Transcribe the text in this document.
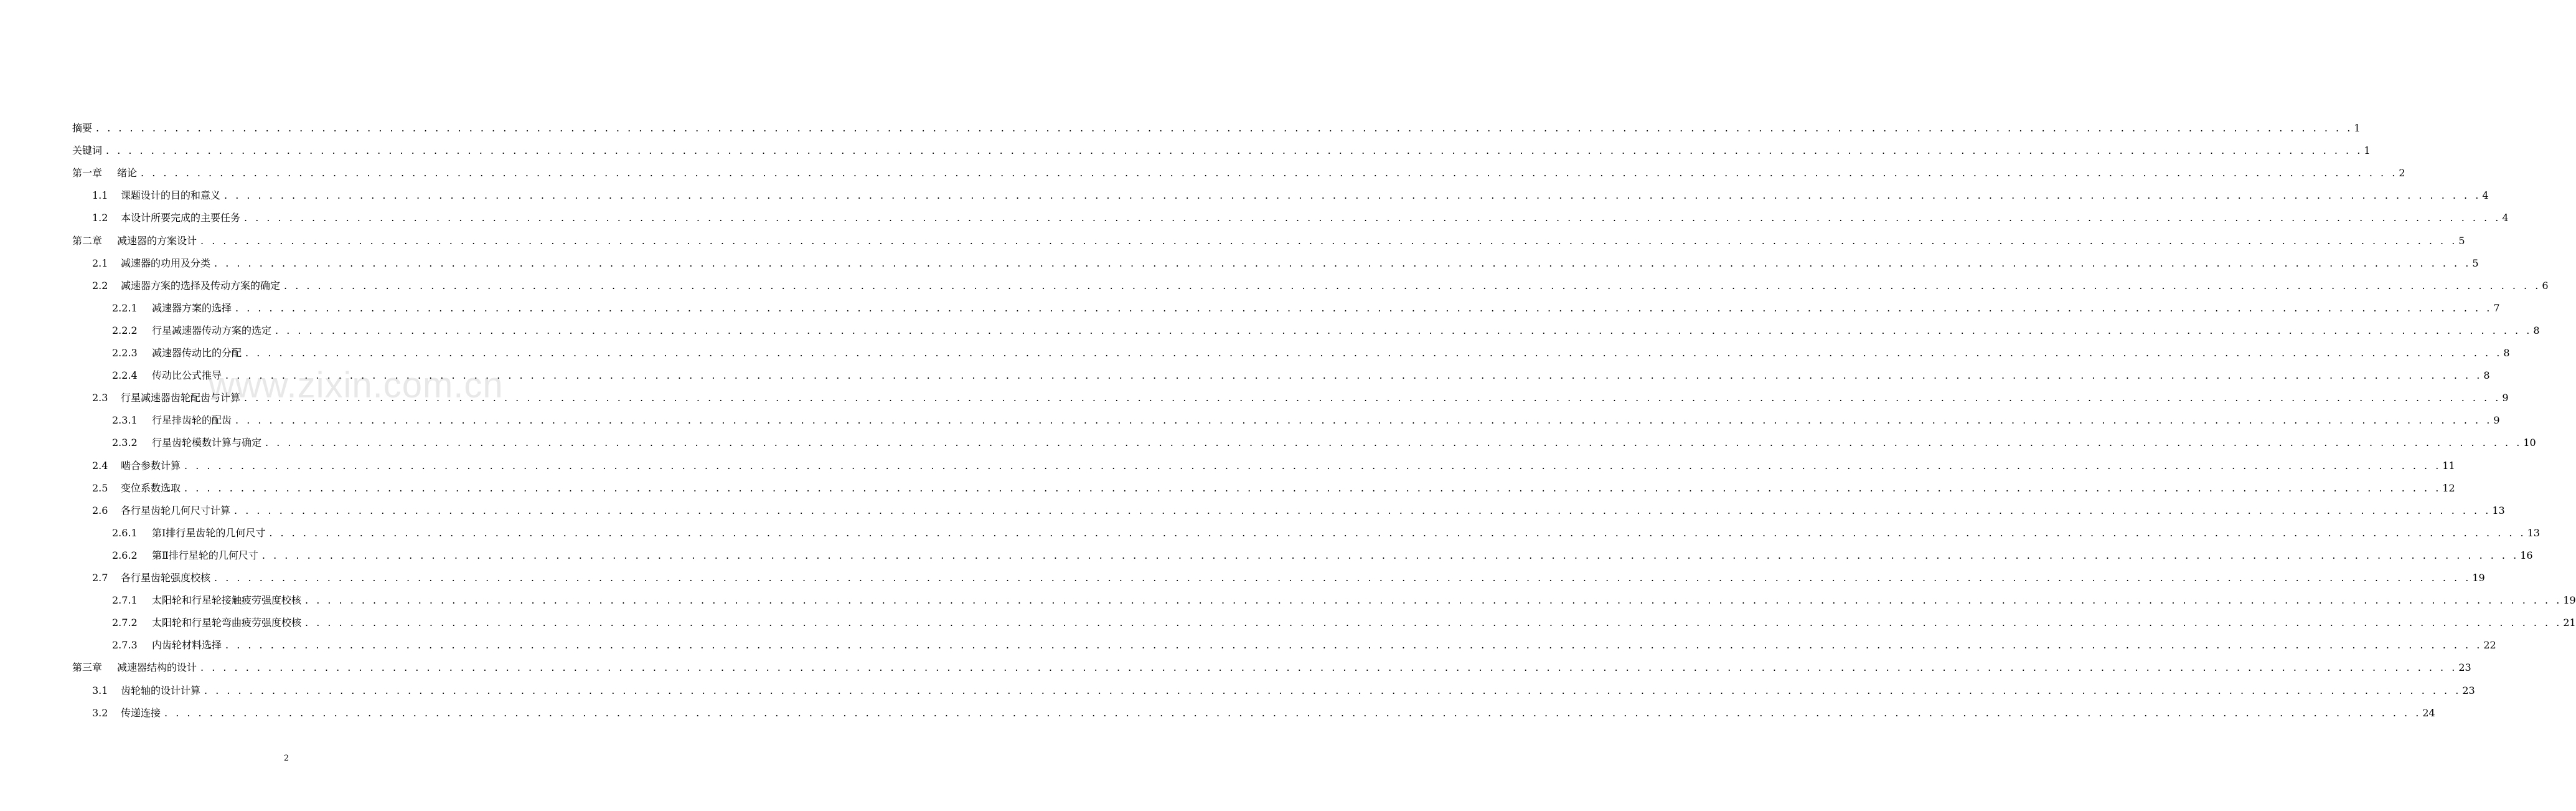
www.zixin.com.cn
摘要 . . . . . . . . . . . . . . . . . . . . . . . . . . . . . . . . . . . . . . . . . . . . . . . . . . . . . . . . . . . . . . . . . . . . . . . . . . . . . . . . . . . . . . . . . . . . . . . . . . . . . . . . . . . . . . . . . . . . . . . . . . . . . . . . . . . . . . . . . . . . . . . . . . . . . . . . . . . . . . . . . . . . . . . . . . . . . . . . . . . . . . . . . . . . . . . . . . . . . . . . 1
关键词 . . . . . . . . . . . . . . . . . . . . . . . . . . . . . . . . . . . . . . . . . . . . . . . . . . . . . . . . . . . . . . . . . . . . . . . . . . . . . . . . . . . . . . . . . . . . . . . . . . . . . . . . . . . . . . . . . . . . . . . . . . . . . . . . . . . . . . . . . . . . . . . . . . . . . . . . . . . . . . . . . . . . . . . . . . . . . . . . . . . . . . . . . . . . . . . . . . . . . . . . 1
第一章	绪论 . . . . . . . . . . . . . . . . . . . . . . . . . . . . . . . . . . . . . . . . . . . . . . . . . . . . . . . . . . . . . . . . . . . . . . . . . . . . . . . . . . . . . . . . . . . . . . . . . . . . . . . . . . . . . . . . . . . . . . . . . . . . . . . . . . . . . . . . . . . . . . . . . . . . . . . . . . . . . . . . . . . . . . . . . . . . . . . . . . . . . . . . . . . . . . . . . . . . . . . . 2
1.1	课题设计的目的和意义 . . . . . . . . . . . . . . . . . . . . . . . . . . . . . . . . . . . . . . . . . . . . . . . . . . . . . . . . . . . . . . . . . . . . . . . . . . . . . . . . . . . . . . . . . . . . . . . . . . . . . . . . . . . . . . . . . . . . . . . . . . . . . . . . . . . . . . . . . . . . . . . . . . . . . . . . . . . . . . . . . . . . . . . . . . . . . . . . . . . . . . . . . . . . . . . . . . . . . . . . 4
1.2	本设计所要完成的主要任务 . . . . . . . . . . . . . . . . . . . . . . . . . . . . . . . . . . . . . . . . . . . . . . . . . . . . . . . . . . . . . . . . . . . . . . . . . . . . . . . . . . . . . . . . . . . . . . . . . . . . . . . . . . . . . . . . . . . . . . . . . . . . . . . . . . . . . . . . . . . . . . . . . . . . . . . . . . . . . . . . . . . . . . . . . . . . . . . . . . . . . . . . . . . . . . . . . . . . . . . . 4
第二章	减速器的方案设计 . . . . . . . . . . . . . . . . . . . . . . . . . . . . . . . . . . . . . . . . . . . . . . . . . . . . . . . . . . . . . . . . . . . . . . . . . . . . . . . . . . . . . . . . . . . . . . . . . . . . . . . . . . . . . . . . . . . . . . . . . . . . . . . . . . . . . . . . . . . . . . . . . . . . . . . . . . . . . . . . . . . . . . . . . . . . . . . . . . . . . . . . . . . . . . . . . . . . . . . . 5
2.1	减速器的功用及分类 . . . . . . . . . . . . . . . . . . . . . . . . . . . . . . . . . . . . . . . . . . . . . . . . . . . . . . . . . . . . . . . . . . . . . . . . . . . . . . . . . . . . . . . . . . . . . . . . . . . . . . . . . . . . . . . . . . . . . . . . . . . . . . . . . . . . . . . . . . . . . . . . . . . . . . . . . . . . . . . . . . . . . . . . . . . . . . . . . . . . . . . . . . . . . . . . . . . . . . . . 5
2.2	减速器方案的选择及传动方案的确定 . . . . . . . . . . . . . . . . . . . . . . . . . . . . . . . . . . . . . . . . . . . . . . . . . . . . . . . . . . . . . . . . . . . . . . . . . . . . . . . . . . . . . . . . . . . . . . . . . . . . . . . . . . . . . . . . . . . . . . . . . . . . . . . . . . . . . . . . . . . . . . . . . . . . . . . . . . . . . . . . . . . . . . . . . . . . . . . . . . . . . . . . . . . . . . . . . . . . . . . . 6
2.2.1	减速器方案的选择 . . . . . . . . . . . . . . . . . . . . . . . . . . . . . . . . . . . . . . . . . . . . . . . . . . . . . . . . . . . . . . . . . . . . . . . . . . . . . . . . . . . . . . . . . . . . . . . . . . . . . . . . . . . . . . . . . . . . . . . . . . . . . . . . . . . . . . . . . . . . . . . . . . . . . . . . . . . . . . . . . . . . . . . . . . . . . . . . . . . . . . . . . . . . . . . . . . . . . . . . 7
2.2.2	行星减速器传动方案的选定 . . . . . . . . . . . . . . . . . . . . . . . . . . . . . . . . . . . . . . . . . . . . . . . . . . . . . . . . . . . . . . . . . . . . . . . . . . . . . . . . . . . . . . . . . . . . . . . . . . . . . . . . . . . . . . . . . . . . . . . . . . . . . . . . . . . . . . . . . . . . . . . . . . . . . . . . . . . . . . . . . . . . . . . . . . . . . . . . . . . . . . . . . . . . . . . . . . . . . . . . 8
2.2.3	减速器传动比的分配 . . . . . . . . . . . . . . . . . . . . . . . . . . . . . . . . . . . . . . . . . . . . . . . . . . . . . . . . . . . . . . . . . . . . . . . . . . . . . . . . . . . . . . . . . . . . . . . . . . . . . . . . . . . . . . . . . . . . . . . . . . . . . . . . . . . . . . . . . . . . . . . . . . . . . . . . . . . . . . . . . . . . . . . . . . . . . . . . . . . . . . . . . . . . . . . . . . . . . . . . 8
2.2.4	传动比公式推导 . . . . . . . . . . . . . . . . . . . . . . . . . . . . . . . . . . . . . . . . . . . . . . . . . . . . . . . . . . . . . . . . . . . . . . . . . . . . . . . . . . . . . . . . . . . . . . . . . . . . . . . . . . . . . . . . . . . . . . . . . . . . . . . . . . . . . . . . . . . . . . . . . . . . . . . . . . . . . . . . . . . . . . . . . . . . . . . . . . . . . . . . . . . . . . . . . . . . . . . . 8
2.3	行星减速器齿轮配齿与计算 . . . . . . . . . . . . . . . . . . . . . . . . . . . . . . . . . . . . . . . . . . . . . . . . . . . . . . . . . . . . . . . . . . . . . . . . . . . . . . . . . . . . . . . . . . . . . . . . . . . . . . . . . . . . . . . . . . . . . . . . . . . . . . . . . . . . . . . . . . . . . . . . . . . . . . . . . . . . . . . . . . . . . . . . . . . . . . . . . . . . . . . . . . . . . . . . . . . . . . . . 9
2.3.1	行星排齿轮的配齿 . . . . . . . . . . . . . . . . . . . . . . . . . . . . . . . . . . . . . . . . . . . . . . . . . . . . . . . . . . . . . . . . . . . . . . . . . . . . . . . . . . . . . . . . . . . . . . . . . . . . . . . . . . . . . . . . . . . . . . . . . . . . . . . . . . . . . . . . . . . . . . . . . . . . . . . . . . . . . . . . . . . . . . . . . . . . . . . . . . . . . . . . . . . . . . . . . . . . . . . . 9
2.3.2	行星齿轮模数计算与确定 . . . . . . . . . . . . . . . . . . . . . . . . . . . . . . . . . . . . . . . . . . . . . . . . . . . . . . . . . . . . . . . . . . . . . . . . . . . . . . . . . . . . . . . . . . . . . . . . . . . . . . . . . . . . . . . . . . . . . . . . . . . . . . . . . . . . . . . . . . . . . . . . . . . . . . . . . . . . . . . . . . . . . . . . . . . . . . . . . . . . . . . . . . . . . . . . . . . . . . . . 10
2.4	啮合参数计算 . . . . . . . . . . . . . . . . . . . . . . . . . . . . . . . . . . . . . . . . . . . . . . . . . . . . . . . . . . . . . . . . . . . . . . . . . . . . . . . . . . . . . . . . . . . . . . . . . . . . . . . . . . . . . . . . . . . . . . . . . . . . . . . . . . . . . . . . . . . . . . . . . . . . . . . . . . . . . . . . . . . . . . . . . . . . . . . . . . . . . . . . . . . . . . . . . . . . . . . . 11
2.5	变位系数选取 . . . . . . . . . . . . . . . . . . . . . . . . . . . . . . . . . . . . . . . . . . . . . . . . . . . . . . . . . . . . . . . . . . . . . . . . . . . . . . . . . . . . . . . . . . . . . . . . . . . . . . . . . . . . . . . . . . . . . . . . . . . . . . . . . . . . . . . . . . . . . . . . . . . . . . . . . . . . . . . . . . . . . . . . . . . . . . . . . . . . . . . . . . . . . . . . . . . . . . . . 12
2.6	各行星齿轮几何尺寸计算 . . . . . . . . . . . . . . . . . . . . . . . . . . . . . . . . . . . . . . . . . . . . . . . . . . . . . . . . . . . . . . . . . . . . . . . . . . . . . . . . . . . . . . . . . . . . . . . . . . . . . . . . . . . . . . . . . . . . . . . . . . . . . . . . . . . . . . . . . . . . . . . . . . . . . . . . . . . . . . . . . . . . . . . . . . . . . . . . . . . . . . . . . . . . . . . . . . . . . . . . 13
2.6.1	第Ⅰ排行星齿轮的几何尺寸 . . . . . . . . . . . . . . . . . . . . . . . . . . . . . . . . . . . . . . . . . . . . . . . . . . . . . . . . . . . . . . . . . . . . . . . . . . . . . . . . . . . . . . . . . . . . . . . . . . . . . . . . . . . . . . . . . . . . . . . . . . . . . . . . . . . . . . . . . . . . . . . . . . . . . . . . . . . . . . . . . . . . . . . . . . . . . . . . . . . . . . . . . . . . . . . . . . . . . . . . 13
2.6.2	第Ⅱ排行星轮的几何尺寸 . . . . . . . . . . . . . . . . . . . . . . . . . . . . . . . . . . . . . . . . . . . . . . . . . . . . . . . . . . . . . . . . . . . . . . . . . . . . . . . . . . . . . . . . . . . . . . . . . . . . . . . . . . . . . . . . . . . . . . . . . . . . . . . . . . . . . . . . . . . . . . . . . . . . . . . . . . . . . . . . . . . . . . . . . . . . . . . . . . . . . . . . . . . . . . . . . . . . . . . . 16
2.7	各行星齿轮强度校核 . . . . . . . . . . . . . . . . . . . . . . . . . . . . . . . . . . . . . . . . . . . . . . . . . . . . . . . . . . . . . . . . . . . . . . . . . . . . . . . . . . . . . . . . . . . . . . . . . . . . . . . . . . . . . . . . . . . . . . . . . . . . . . . . . . . . . . . . . . . . . . . . . . . . . . . . . . . . . . . . . . . . . . . . . . . . . . . . . . . . . . . . . . . . . . . . . . . . . . . . 19
2.7.1	太阳轮和行星轮接触疲劳强度校核 . . . . . . . . . . . . . . . . . . . . . . . . . . . . . . . . . . . . . . . . . . . . . . . . . . . . . . . . . . . . . . . . . . . . . . . . . . . . . . . . . . . . . . . . . . . . . . . . . . . . . . . . . . . . . . . . . . . . . . . . . . . . . . . . . . . . . . . . . . . . . . . . . . . . . . . . . . . . . . . . . . . . . . . . . . . . . . . . . . . . . . . . . . . . . . . . . . . . . . . . 19
2.7.2	太阳轮和行星轮弯曲疲劳强度校核 . . . . . . . . . . . . . . . . . . . . . . . . . . . . . . . . . . . . . . . . . . . . . . . . . . . . . . . . . . . . . . . . . . . . . . . . . . . . . . . . . . . . . . . . . . . . . . . . . . . . . . . . . . . . . . . . . . . . . . . . . . . . . . . . . . . . . . . . . . . . . . . . . . . . . . . . . . . . . . . . . . . . . . . . . . . . . . . . . . . . . . . . . . . . . . . . . . . . . . . . 21
2.7.3	内齿轮材料选择 . . . . . . . . . . . . . . . . . . . . . . . . . . . . . . . . . . . . . . . . . . . . . . . . . . . . . . . . . . . . . . . . . . . . . . . . . . . . . . . . . . . . . . . . . . . . . . . . . . . . . . . . . . . . . . . . . . . . . . . . . . . . . . . . . . . . . . . . . . . . . . . . . . . . . . . . . . . . . . . . . . . . . . . . . . . . . . . . . . . . . . . . . . . . . . . . . . . . . . . . 22
第三章	减速器结构的设计 . . . . . . . . . . . . . . . . . . . . . . . . . . . . . . . . . . . . . . . . . . . . . . . . . . . . . . . . . . . . . . . . . . . . . . . . . . . . . . . . . . . . . . . . . . . . . . . . . . . . . . . . . . . . . . . . . . . . . . . . . . . . . . . . . . . . . . . . . . . . . . . . . . . . . . . . . . . . . . . . . . . . . . . . . . . . . . . . . . . . . . . . . . . . . . . . . . . . . . . . 23
3.1	齿轮轴的设计计算 . . . . . . . . . . . . . . . . . . . . . . . . . . . . . . . . . . . . . . . . . . . . . . . . . . . . . . . . . . . . . . . . . . . . . . . . . . . . . . . . . . . . . . . . . . . . . . . . . . . . . . . . . . . . . . . . . . . . . . . . . . . . . . . . . . . . . . . . . . . . . . . . . . . . . . . . . . . . . . . . . . . . . . . . . . . . . . . . . . . . . . . . . . . . . . . . . . . . . . . . 23
3.2	传递连接 . . . . . . . . . . . . . . . . . . . . . . . . . . . . . . . . . . . . . . . . . . . . . . . . . . . . . . . . . . . . . . . . . . . . . . . . . . . . . . . . . . . . . . . . . . . . . . . . . . . . . . . . . . . . . . . . . . . . . . . . . . . . . . . . . . . . . . . . . . . . . . . . . . . . . . . . . . . . . . . . . . . . . . . . . . . . . . . . . . . . . . . . . . . . . . . . . . . . . . . . 24
2
